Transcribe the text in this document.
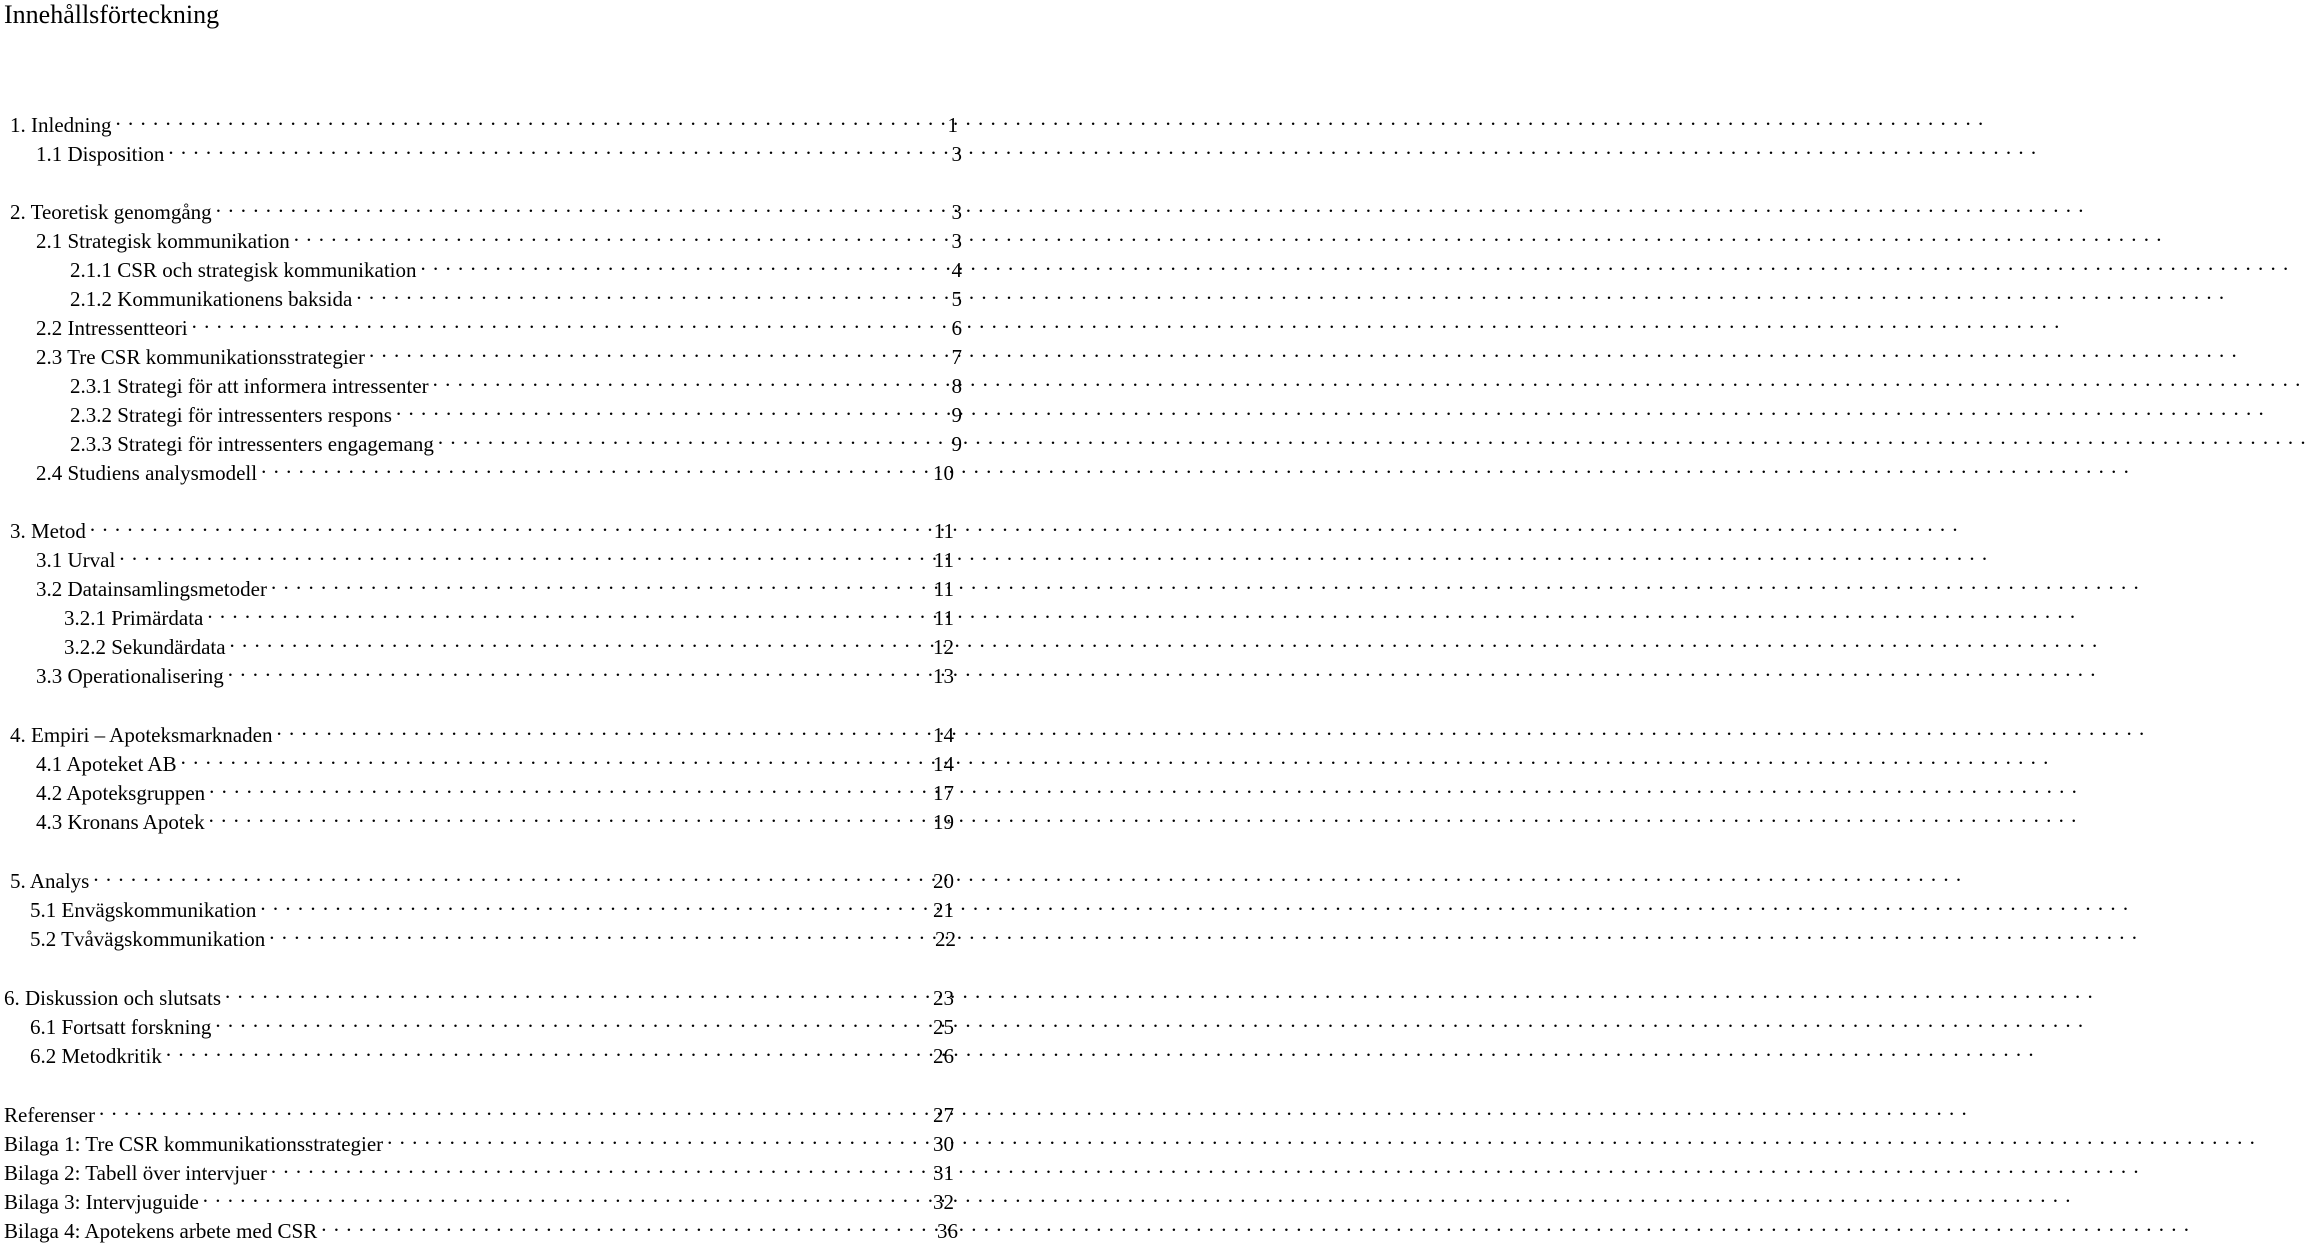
Innehållsförteckning
1. Inledning . . .	1
1.1 Disposition . . .	3
2. Teoretisk genomgång . . .	3
2.1 Strategisk kommunikation . . .	3
2.1.1 CSR och strategisk kommunikation . . .	4
2.1.2 Kommunikationens baksida . . .	5
2.2 Intressentteori . . .	6
2.3 Tre CSR kommunikationsstrategier . . .	7
2.3.1 Strategi för att informera intressenter . . .	8
2.3.2 Strategi för intressenters respons . . .	9
2.3.3 Strategi för intressenters engagemang . . .	9
2.4 Studiens analysmodell . . .	10
3. Metod . . .	11
3.1 Urval . . .	11
3.2 Datainsamlingsmetoder . . .	11
3.2.1 Primärdata . . .	11
3.2.2 Sekundärdata . . .	12
3.3 Operationalisering . . .	13
4. Empiri – Apoteksmarknaden . . .	14
4.1 Apoteket AB . . .	14
4.2 Apoteksgruppen . . .	17
4.3 Kronans Apotek . . .	19
5. Analys . . .	20
5.1 Envägskommunikation . . .	21
5.2 Tvåvägskommunikation . . .	22
6. Diskussion och slutsats . . .	23
6.1 Fortsatt forskning . . .	25
6.2 Metodkritik . . .	26
Referenser . . .	27
Bilaga 1: Tre CSR kommunikationsstrategier . . .	30
Bilaga 2: Tabell över intervjuer . . .	31
Bilaga 3: Intervjuguide . . .	32
Bilaga 4: Apotekens arbete med CSR . . .	36
